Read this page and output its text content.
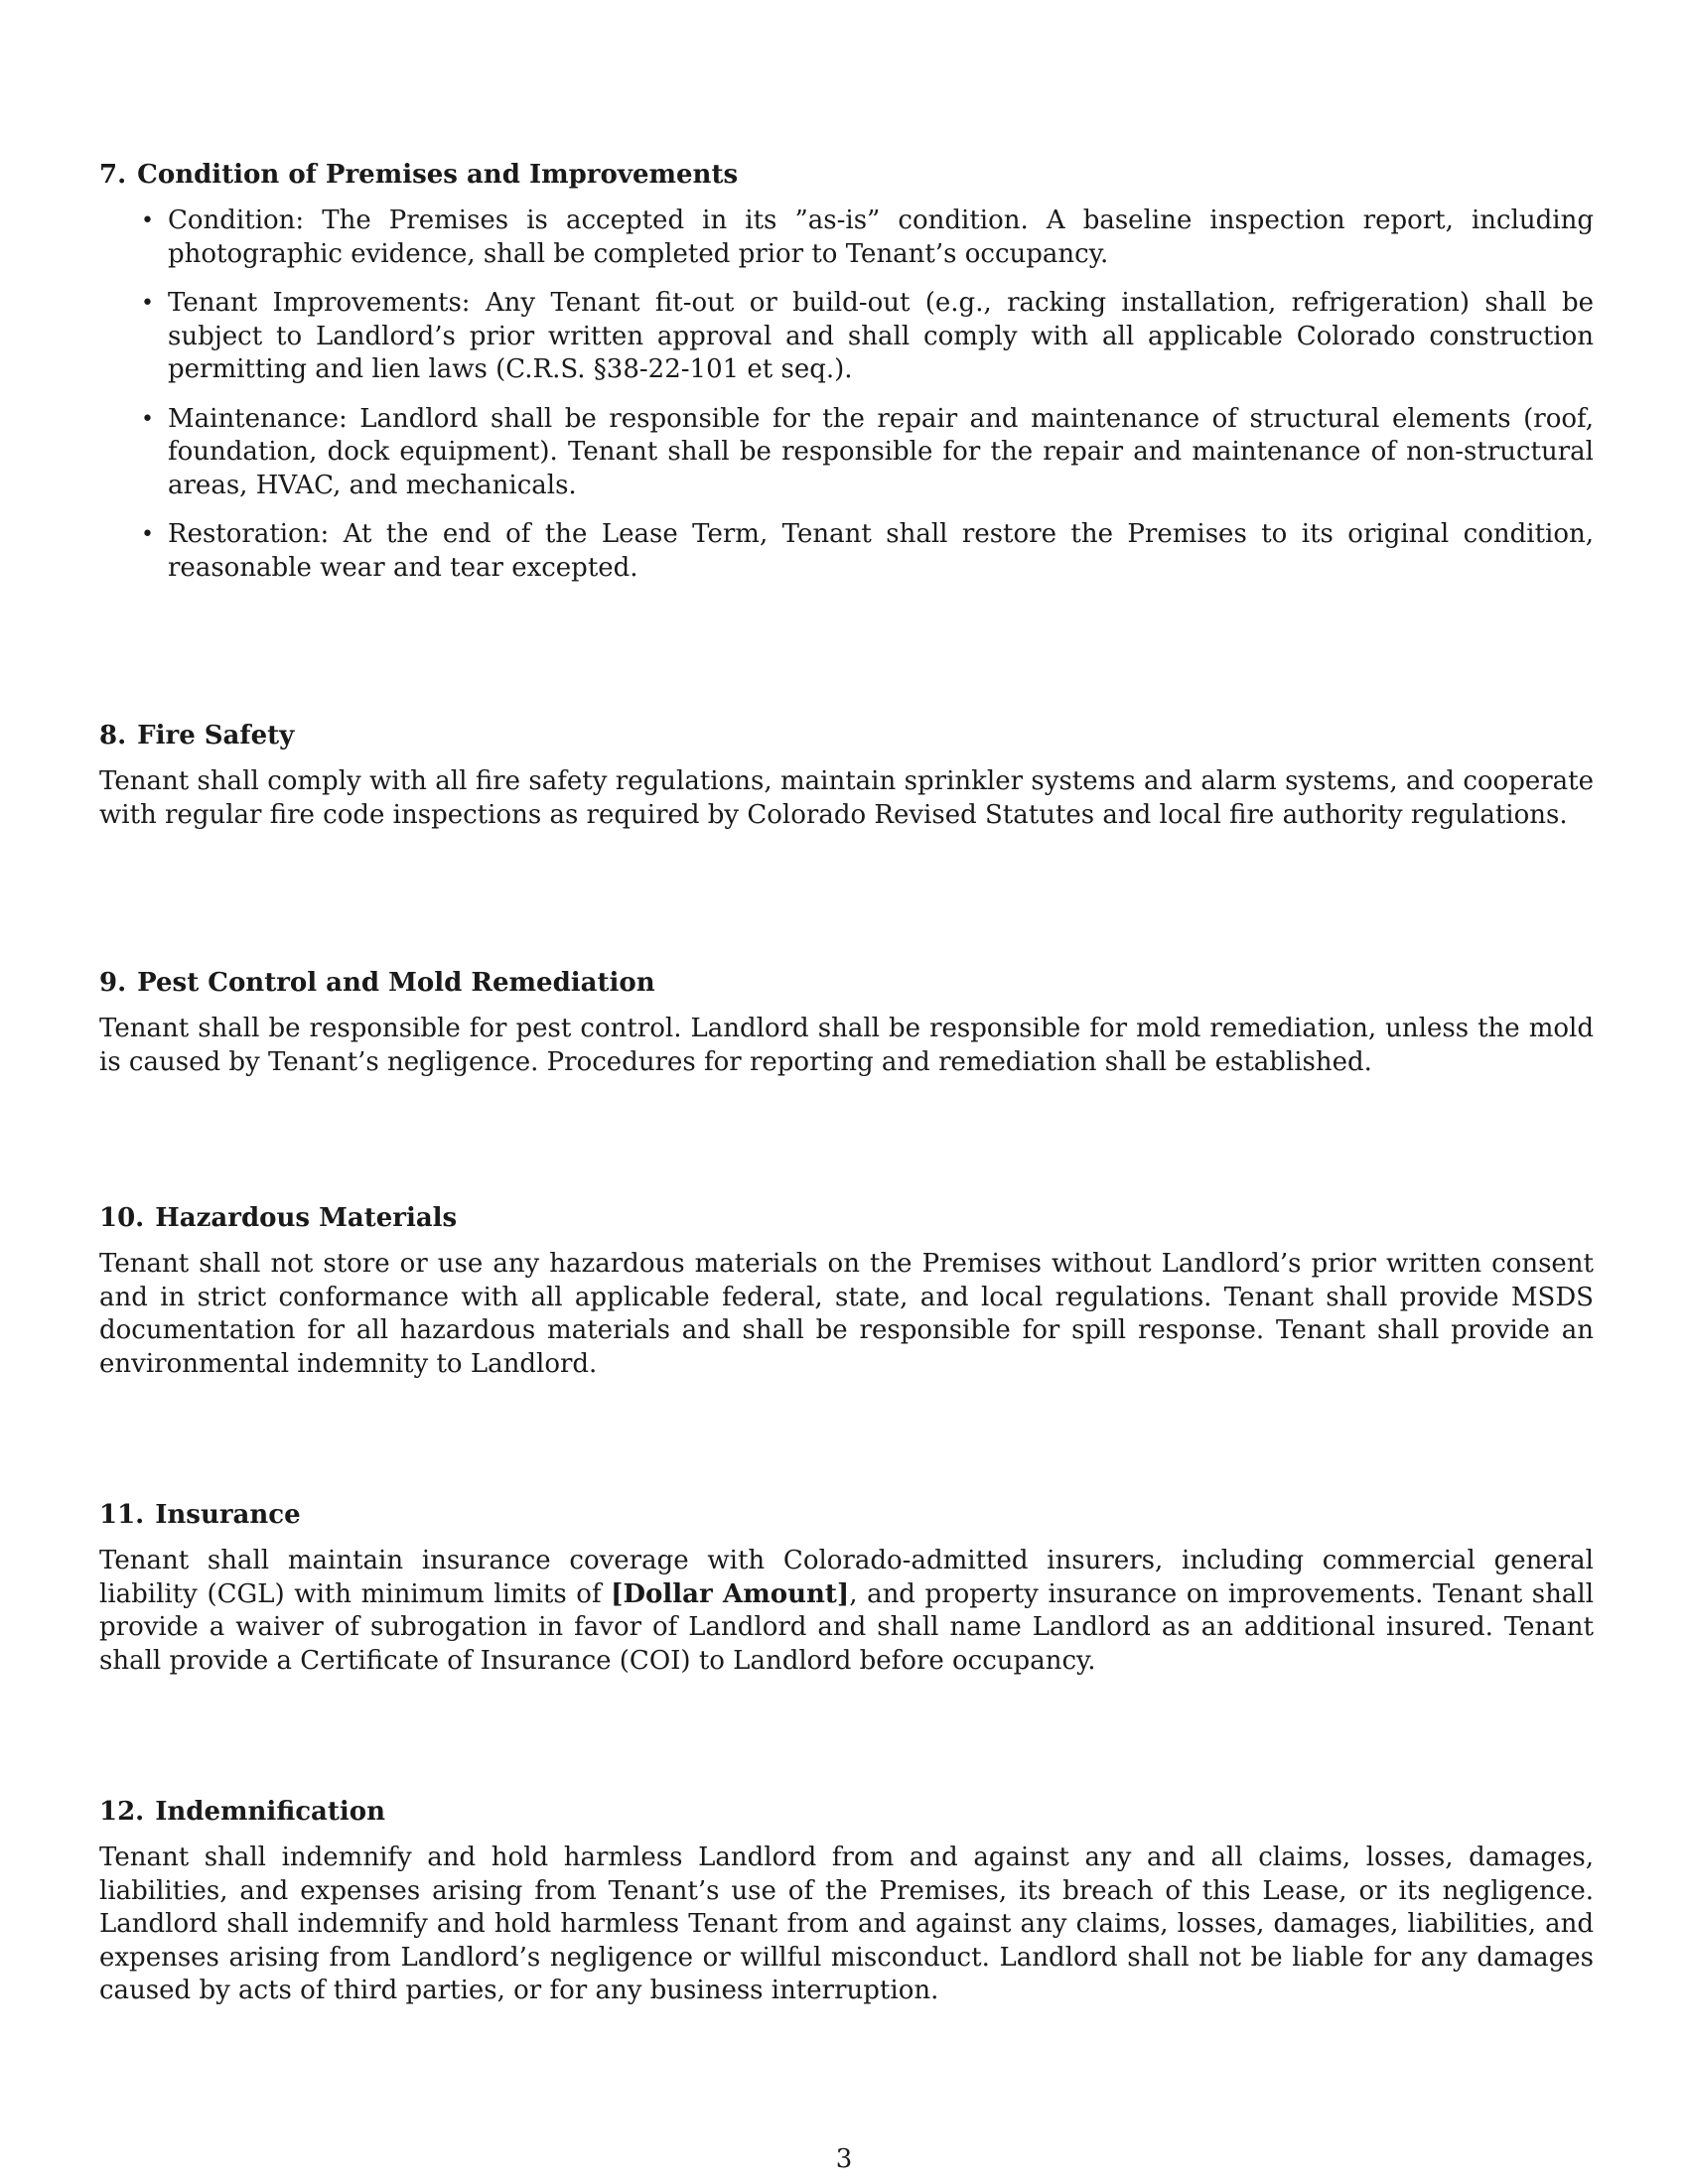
7. Condition of Premises and Improvements
• Condition: The Premises is accepted in its ”as-is” condition. A baseline inspection report, including photographic evidence, shall be completed prior to Tenant’s occupancy.
• Tenant Improvements: Any Tenant fit-out or build-out (e.g., racking installation, refrigeration) shall be subject to Landlord’s prior written approval and shall comply with all applicable Colorado construction permitting and lien laws (C.R.S. §38-22-101 et seq.).
• Maintenance: Landlord shall be responsible for the repair and maintenance of structural elements (roof, foundation, dock equipment). Tenant shall be responsible for the repair and maintenance of non-structural areas, HVAC, and mechanicals.
• Restoration: At the end of the Lease Term, Tenant shall restore the Premises to its original condition, reasonable wear and tear excepted.
8. Fire Safety

Tenant shall comply with all fire safety regulations, maintain sprinkler systems and alarm systems, and cooperate with regular fire code inspections as required by Colorado Revised Statutes and local fire authority regulations.

9. Pest Control and Mold Remediation

Tenant shall be responsible for pest control. Landlord shall be responsible for mold remediation, unless the mold is caused by Tenant’s negligence. Procedures for reporting and remediation shall be established.

10. Hazardous Materials

Tenant shall not store or use any hazardous materials on the Premises without Landlord’s prior written consent and in strict conformance with all applicable federal, state, and local regulations. Tenant shall provide MSDS documentation for all hazardous materials and shall be responsible for spill response. Tenant shall provide an environmental indemnity to Landlord.

11. Insurance

Tenant shall maintain insurance coverage with Colorado-admitted insurers, including commercial general liability (CGL) with minimum limits of [Dollar Amount], and property insurance on improvements. Tenant shall provide a waiver of subrogation in favor of Landlord and shall name Landlord as an additional insured. Tenant shall provide a Certificate of Insurance (COI) to Landlord before occupancy.

12. Indemnification

Tenant shall indemnify and hold harmless Landlord from and against any and all claims, losses, damages, liabilities, and expenses arising from Tenant’s use of the Premises, its breach of this Lease, or its negligence. Landlord shall indemnify and hold harmless Tenant from and against any claims, losses, damages, liabilities, and expenses arising from Landlord’s negligence or willful misconduct. Landlord shall not be liable for any damages caused by acts of third parties, or for any business interruption.

3
